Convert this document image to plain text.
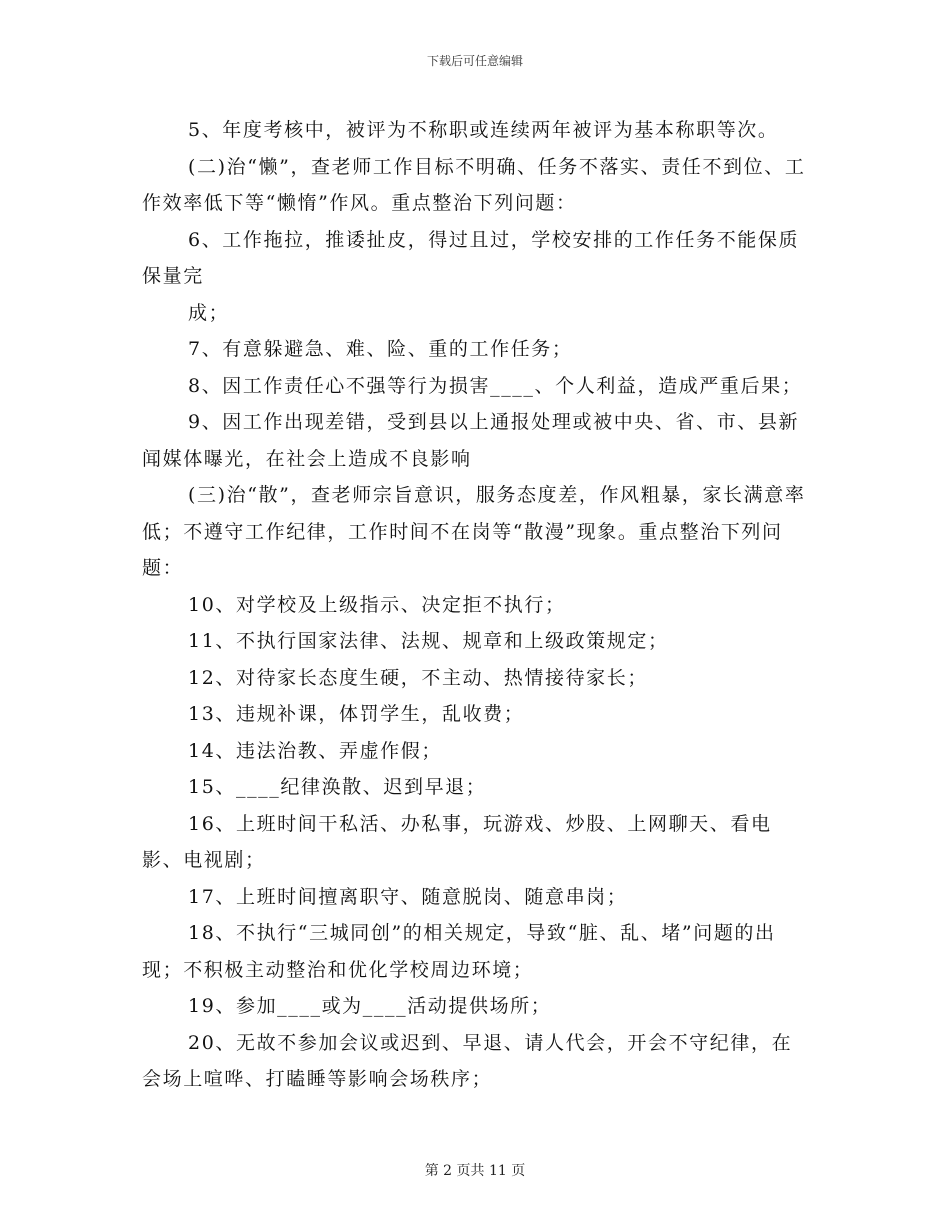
下载后可任意编辑

5、年度考核中，被评为不称职或连续两年被评为基本称职等次。

(二)治“懒”，查老师工作目标不明确、任务不落实、责任不到位、工作效率低下等“懒惰”作风。重点整治下列问题：

6、工作拖拉，推诿扯皮，得过且过，学校安排的工作任务不能保质保量完

成；

7、有意躲避急、难、险、重的工作任务；

8、因工作责任心不强等行为损害____、个人利益，造成严重后果；

9、因工作出现差错，受到县以上通报处理或被中央、省、市、县新闻媒体曝光，在社会上造成不良影响

(三)治“散”，查老师宗旨意识，服务态度差，作风粗暴，家长满意率低；不遵守工作纪律，工作时间不在岗等“散漫”现象。重点整治下列问题：

10、对学校及上级指示、决定拒不执行；

11、不执行国家法律、法规、规章和上级政策规定；

12、对待家长态度生硬，不主动、热情接待家长；

13、违规补课，体罚学生，乱收费；

14、违法治教、弄虚作假；

15、____纪律涣散、迟到早退；

16、上班时间干私活、办私事，玩游戏、炒股、上网聊天、看电影、电视剧；

17、上班时间擅离职守、随意脱岗、随意串岗；

18、不执行“三城同创”的相关规定，导致“脏、乱、堵”问题的出现；不积极主动整治和优化学校周边环境；

19、参加____或为____活动提供场所；

20、无故不参加会议或迟到、早退、请人代会，开会不守纪律，在会场上喧哗、打瞌睡等影响会场秩序；

第 2 页共 11 页
